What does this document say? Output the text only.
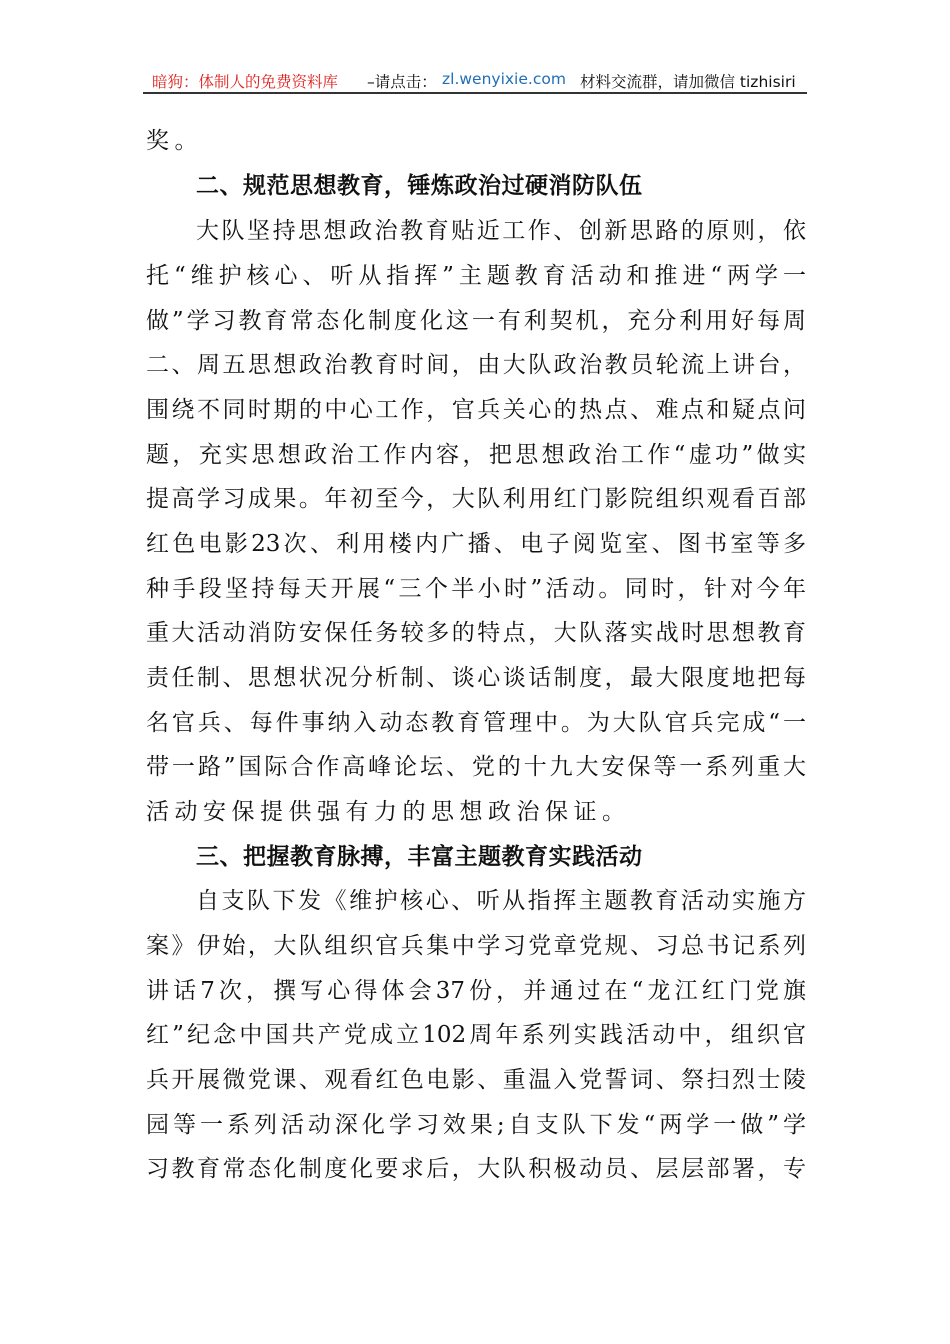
暗狗：体制人的免费资料库 –请点击： zl.wenyixie.com 材料交流群，请加微信 tizhisiri
奖。
二、规范思想教育，锤炼政治过硬消防队伍
大队坚持思想政治教育贴近工作、创新思路的原则，依
托“维护核心、听从指挥”主题教育活动和推进“两学一
做”学习教育常态化制度化这一有利契机，充分利用好每周
二、周五思想政治教育时间，由大队政治教员轮流上讲台，
围绕不同时期的中心工作，官兵关心的热点、难点和疑点问
题，充实思想政治工作内容，把思想政治工作“虚功”做实
提高学习成果。年初至今，大队利用红门影院组织观看百部
红色电影23次、利用楼内广播、电子阅览室、图书室等多
种手段坚持每天开展“三个半小时”活动。同时，针对今年
重大活动消防安保任务较多的特点，大队落实战时思想教育
责任制、思想状况分析制、谈心谈话制度，最大限度地把每
名官兵、每件事纳入动态教育管理中。为大队官兵完成“一
带一路”国际合作高峰论坛、党的十九大安保等一系列重大
活动安保提供强有力的思想政治保证。
三、把握教育脉搏，丰富主题教育实践活动
自支队下发《维护核心、听从指挥主题教育活动实施方
案》伊始，大队组织官兵集中学习党章党规、习总书记系列
讲话7次，撰写心得体会37份，并通过在“龙江红门党旗
红”纪念中国共产党成立102周年系列实践活动中，组织官
兵开展微党课、观看红色电影、重温入党誓词、祭扫烈士陵
园等一系列活动深化学习效果;自支队下发“两学一做”学
习教育常态化制度化要求后，大队积极动员、层层部署，专
